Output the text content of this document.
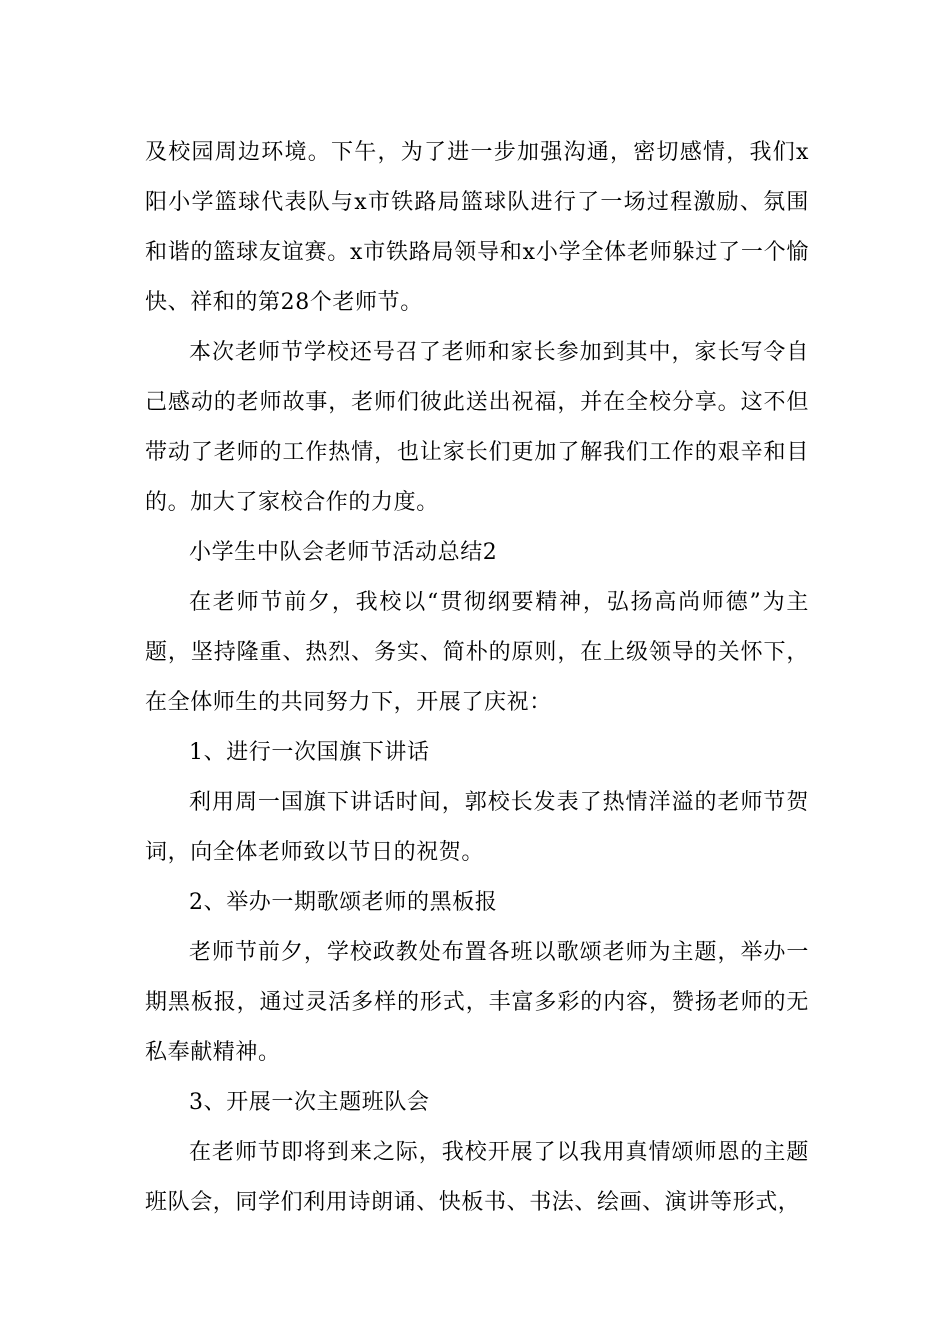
及校园周边环境。下午，为了进一步加强沟通，密切感情，我们x阳小学篮球代表队与x市铁路局篮球队进行了一场过程激励、氛围和谐的篮球友谊赛。x市铁路局领导和x小学全体老师躲过了一个愉快、祥和的第28个老师节。

本次老师节学校还号召了老师和家长参加到其中，家长写令自己感动的老师故事，老师们彼此送出祝福，并在全校分享。这不但带动了老师的工作热情，也让家长们更加了解我们工作的艰辛和目的。加大了家校合作的力度。

小学生中队会老师节活动总结2

在老师节前夕，我校以“贯彻纲要精神，弘扬高尚师德”为主题，坚持隆重、热烈、务实、简朴的原则，在上级领导的关怀下，在全体师生的共同努力下，开展了庆祝：

1、进行一次国旗下讲话

利用周一国旗下讲话时间，郭校长发表了热情洋溢的老师节贺词，向全体老师致以节日的祝贺。

2、举办一期歌颂老师的黑板报

老师节前夕，学校政教处布置各班以歌颂老师为主题，举办一期黑板报，通过灵活多样的形式，丰富多彩的内容，赞扬老师的无私奉献精神。

3、开展一次主题班队会

在老师节即将到来之际，我校开展了以我用真情颂师恩的主题班队会，同学们利用诗朗诵、快板书、书法、绘画、演讲等形式，
